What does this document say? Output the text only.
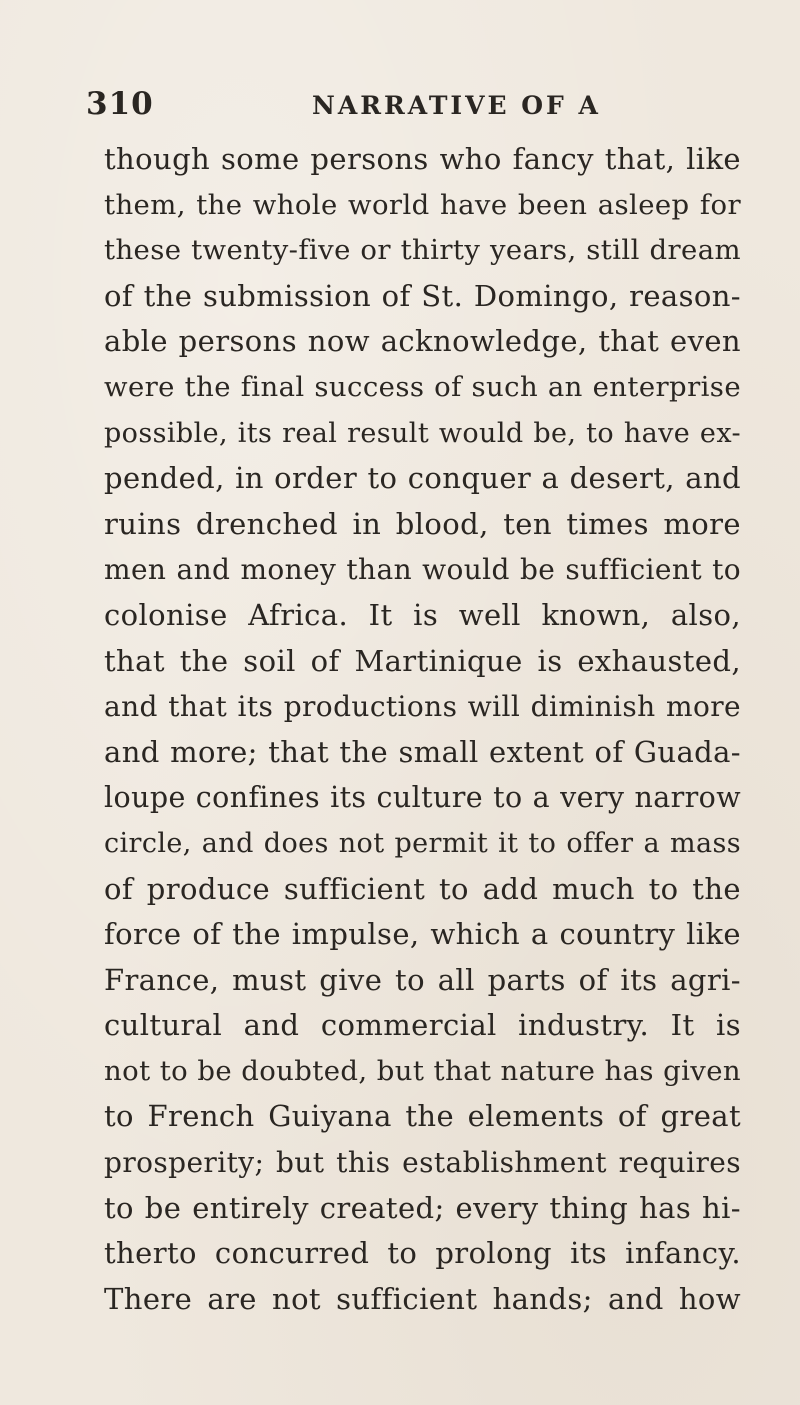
310	NARRATIVE OF A
though some persons who fancy that, like
them, the whole world have been asleep for
these twenty-five or thirty years, still dream
of the submission of St. Domingo, reason-
able persons now acknowledge, that even
were the final success of such an enterprise
possible, its real result would be, to have ex-
pended, in order to conquer a desert, and
ruins drenched in blood, ten times more
men and money than would be sufficient to
colonise Africa. It is well known, also,
that the soil of Martinique is exhausted,
and that its productions will diminish more
and more; that the small extent of Guada-
loupe confines its culture to a very narrow
circle, and does not permit it to offer a mass
of produce sufficient to add much to the
force of the impulse, which a country like
France, must give to all parts of its agri-
cultural and commercial industry. It is
not to be doubted, but that nature has given
to French Guiyana the elements of great
prosperity; but this establishment requires
to be entirely created; every thing has hi-
therto concurred to prolong its infancy.
There are not sufficient hands; and how
